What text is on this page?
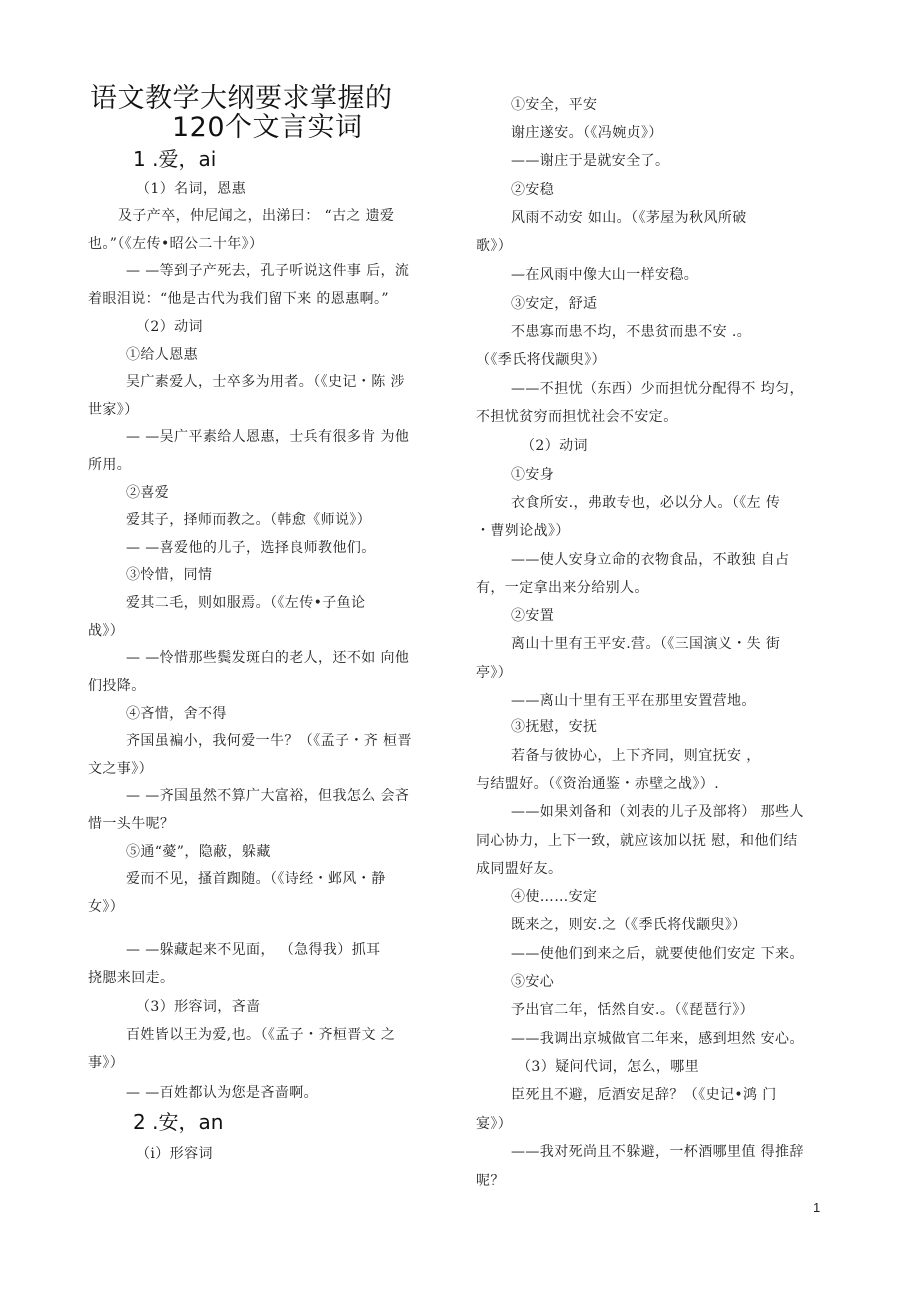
语文教学大纲要求掌握的
120个文言实词
1 .爱，ai
（1）名词，恩惠
及子产卒，仲尼闻之，出涕曰： “古之 遗爱
也。”（《左传•昭公二十年》）
— —等到子产死去，孔子听说这件事 后，流
着眼泪说：“他是古代为我们留下来 的恩惠啊。”
（2）动词
①给人恩惠
吴广素爱人，士卒多为用者。（《史记・陈 涉
世家》）
— —吴广平素给人恩惠，士兵有很多肯 为他
所用。
②喜爱
爱其子，择师而教之。（韩愈《师说》）
— —喜爱他的儿子，选择良师教他们。
③怜惜，同情
爱其二毛，则如服焉。（《左传•子鱼论
战》）
— —怜惜那些鬓发斑白的老人，还不如 向他
们投降。
④吝惜，舍不得
齐国虽褊小，我何爱一牛？（《孟子・齐 桓晋
文之事》）
— —齐国虽然不算广大富裕，但我怎么 会吝
惜一头牛呢？
⑤通“薆”，隐蔽，躲藏
爱而不见，搔首踟随。（《诗经・邺风・静
女》）
— —躲藏起来不见面， （急得我）抓耳
挠腮来回走。
（3）形容词，吝啬
百姓皆以王为爱,也。（《孟子・齐桓晋文 之
事》）
— —百姓都认为您是吝啬啊。
2 .安，an
（i）形容词
①安全，平安
谢庄遂安。（《冯婉贞》）
——谢庄于是就安全了。
②安稳
风雨不动安 如山。（《茅屋为秋风所破
歌》）
—在风雨中像大山一样安稳。
③安定，舒适
不患寡而患不均，不患贫而患不安 .。
（《季氏将伐颛臾》）
——不担忧（东西）少而担忧分配得不 均匀，
不担忧贫穷而担忧社会不安定。
（2）动词
①安身
衣食所安.，弗敢专也，必以分人。（《左 传
・曹刿论战》）
——使人安身立命的衣物食品，不敢独 自占
有，一定拿出来分给别人。
②安置
离山十里有王平安.营。（《三国演义・失 街
亭》）
——离山十里有王平在那里安置营地。
③抚慰，安抚
若备与彼协心，上下齐同，则宜抚安 ，
与结盟好。（《资治通鉴・赤壁之战》）.
——如果刘备和（刘表的儿子及部将） 那些人
同心协力，上下一致，就应该加以抚 慰，和他们结
成同盟好友。
④使……安定
既来之，则安.之（《季氏将伐颛臾》）
——使他们到来之后，就要使他们安定 下来。
⑤安心
予出官二年，恬然自安.。（《琵琶行》）
——我调出京城做官二年来，感到坦然 安心。
（3）疑问代词，怎么，哪里
臣死且不避，卮酒安足辞？（《史记•鸿 门
宴》）
——我对死尚且不躲避，一杯酒哪里值 得推辞
呢？
1
